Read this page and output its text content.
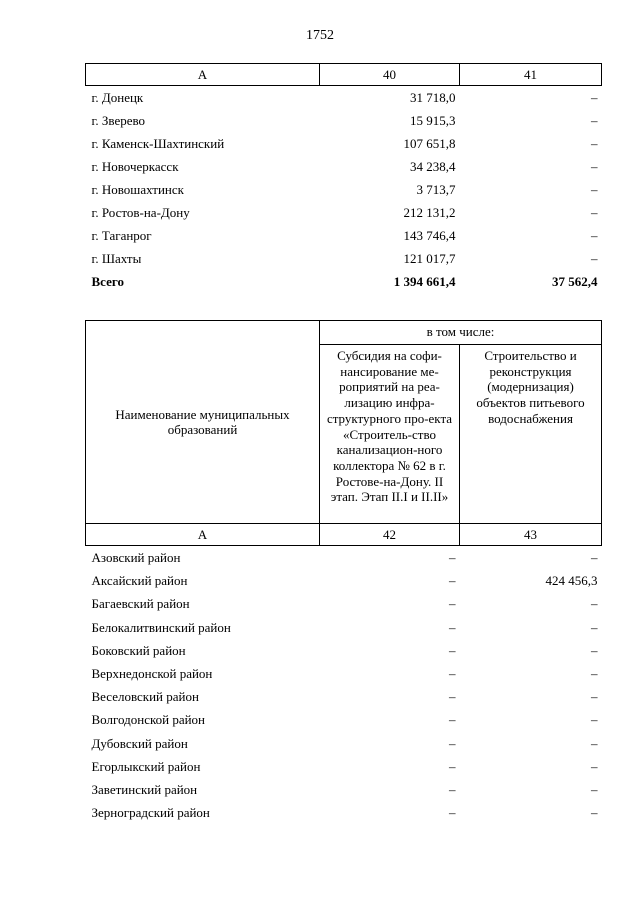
1752
А	40	41
г. Донецк	31 718,0	–
г. Зверево	15 915,3	–
г. Каменск-Шахтинский	107 651,8	–
г. Новочеркасск	34 238,4	–
г. Новошахтинск	3 713,7	–
г. Ростов-на-Дону	212 131,2	–
г. Таганрог	143 746,4	–
г. Шахты	121 017,7	–
Всего	1 394 661,4	37 562,4
Наименование муниципальных образований	в том числе:	
	Субсидия на софи-нансирование ме-роприятий на реа-лизацию инфра-структурного про-екта «Строитель-ство канализацион-ного коллектора № 62 в г. Ростове-на-Дону. II этап. Этап II.I и II.II»	Строительство и реконструкция (модернизация) объектов питьевого водоснабжения
А	42	43
Азовский район	–	–
Аксайский район	–	424 456,3
Багаевский район	–	–
Белокалитвинский район	–	–
Боковский район	–	–
Верхнедонской район	–	–
Веселовский район	–	–
Волгодонской район	–	–
Дубовский район	–	–
Егорлыкский район	–	–
Заветинский район	–	–
Зерноградский район	–	–
